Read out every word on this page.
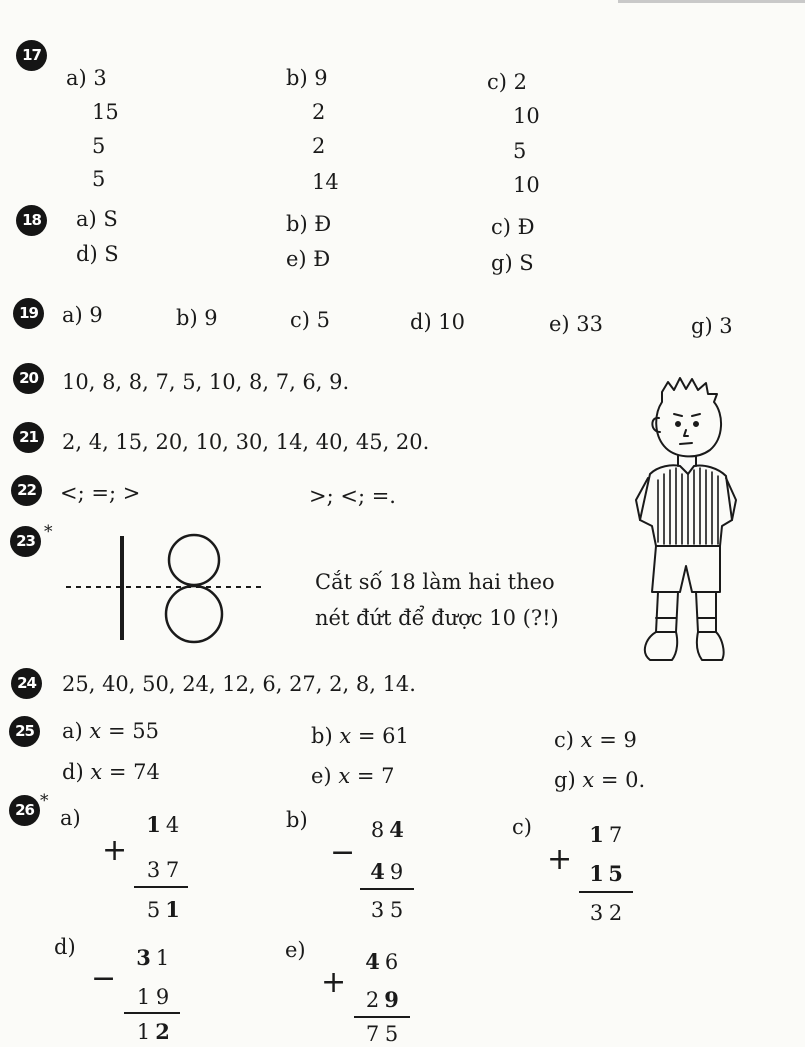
17
a) 3
15
5
5
b) 9
2
2
14
c) 2
10
5
10
18 a) S	b) Đ	c) Đ
d) S	e) Đ	g) S
19 a) 9	b) 9	c) 5	d) 10	e) 33	g) 3
20 10, 8, 8, 7, 5, 10, 8, 7, 6, 9.
21 2, 4, 15, 20, 10, 30, 14, 40, 45, 20.
22 <; =; >	>; <; =.
23 *
Cắt số 18 làm hai theo
nét đứt để được 10 (?!)
24 25, 40, 50, 24, 12, 6, 27, 2, 8, 14.
25 a) x = 55	b) x = 61	c) x = 9
d) x = 74	e) x = 7	g) x = 0.
26 *
a)
+
1 4
3 7
5 1
b)
−
8 4
4 9
3 5
c)
+
1 7
1 5
3 2
d)
−
3 1
1 9
1 2
e)
+
4 6
2 9
7 5
